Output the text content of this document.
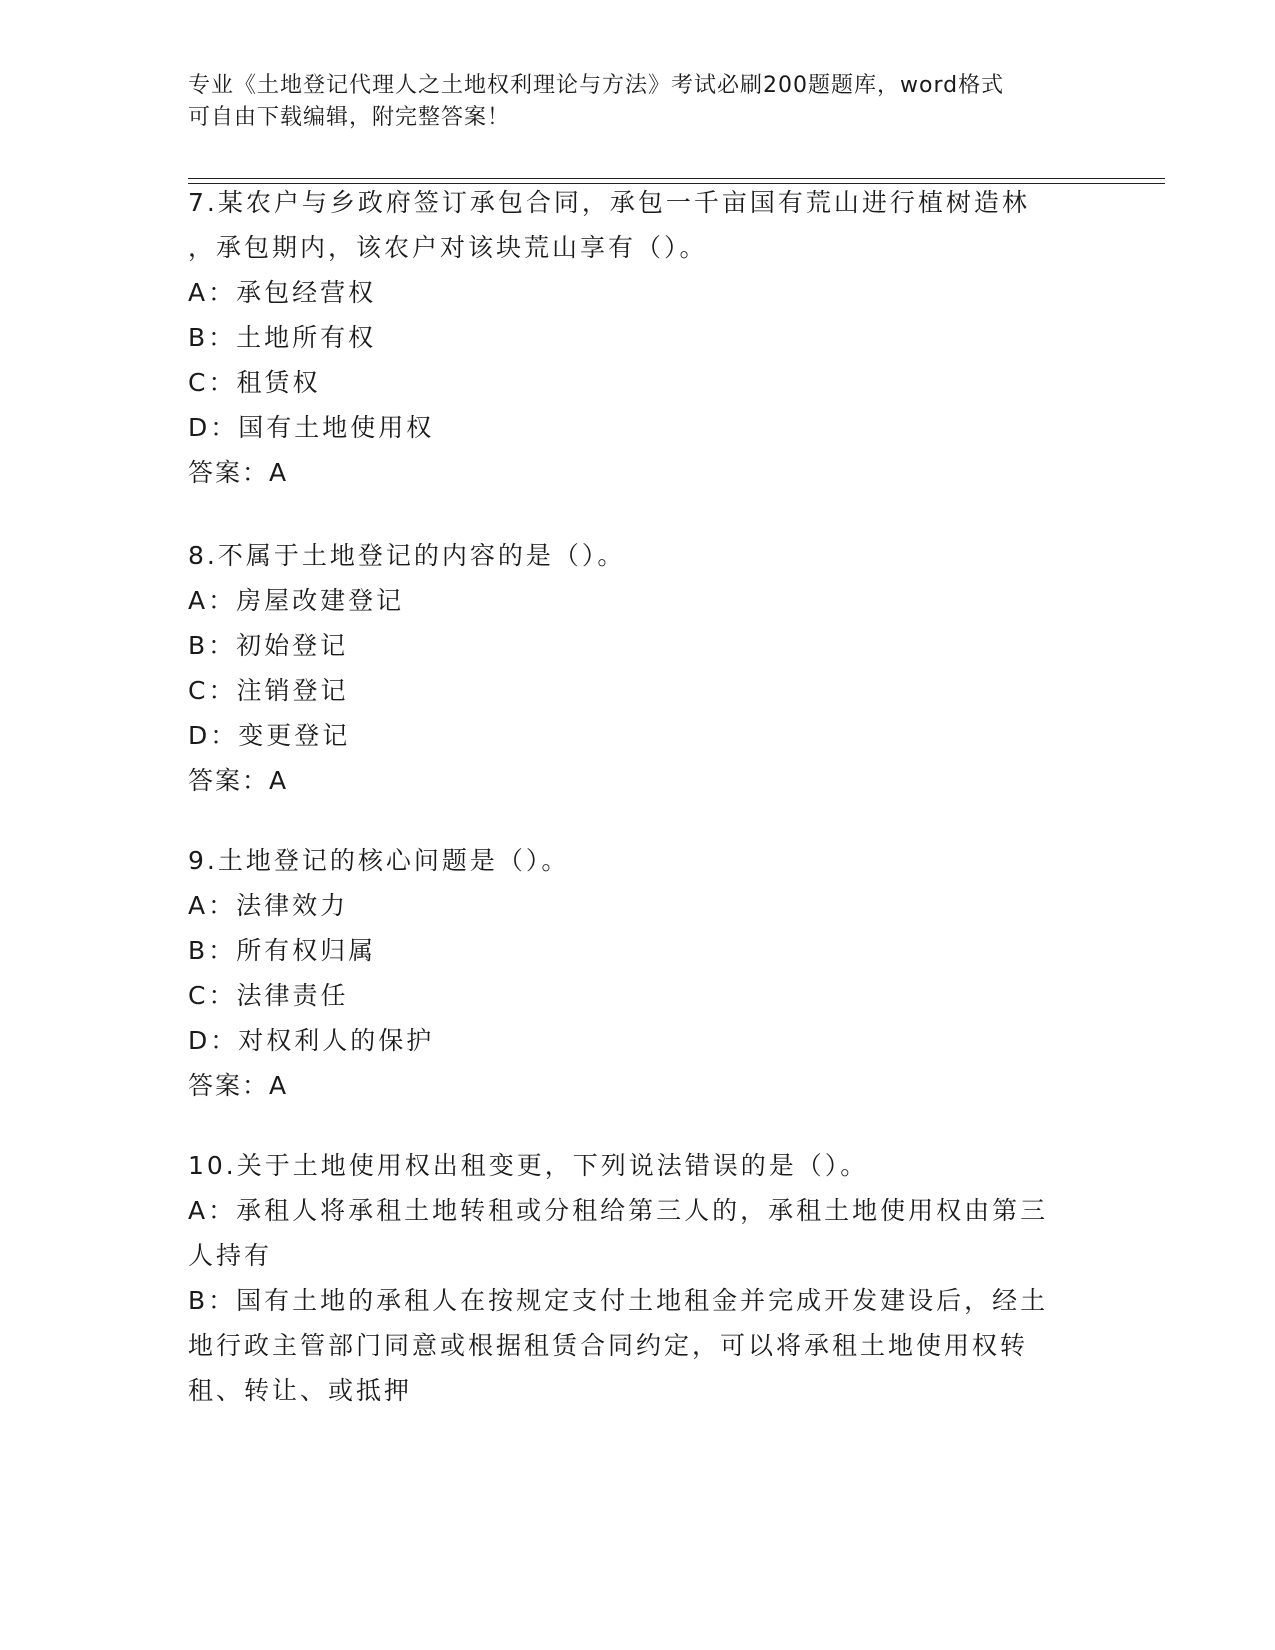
专业《土地登记代理人之土地权利理论与方法》考试必刷200题题库，word格式
可自由下载编辑，附完整答案！
7.某农户与乡政府签订承包合同，承包一千亩国有荒山进行植树造林
，承包期内，该农户对该块荒山享有（）。
A：承包经营权
B：土地所有权
C：租赁权
D：国有土地使用权
答案：A
8.不属于土地登记的内容的是（）。
A：房屋改建登记
B：初始登记
C：注销登记
D：变更登记
答案：A
9.土地登记的核心问题是（）。
A：法律效力
B：所有权归属
C：法律责任
D：对权利人的保护
答案：A
10.关于土地使用权出租变更，下列说法错误的是（）。
A：承租人将承租土地转租或分租给第三人的，承租土地使用权由第三
人持有
B：国有土地的承租人在按规定支付土地租金并完成开发建设后，经土
地行政主管部门同意或根据租赁合同约定，可以将承租土地使用权转
租、转让、或抵押
